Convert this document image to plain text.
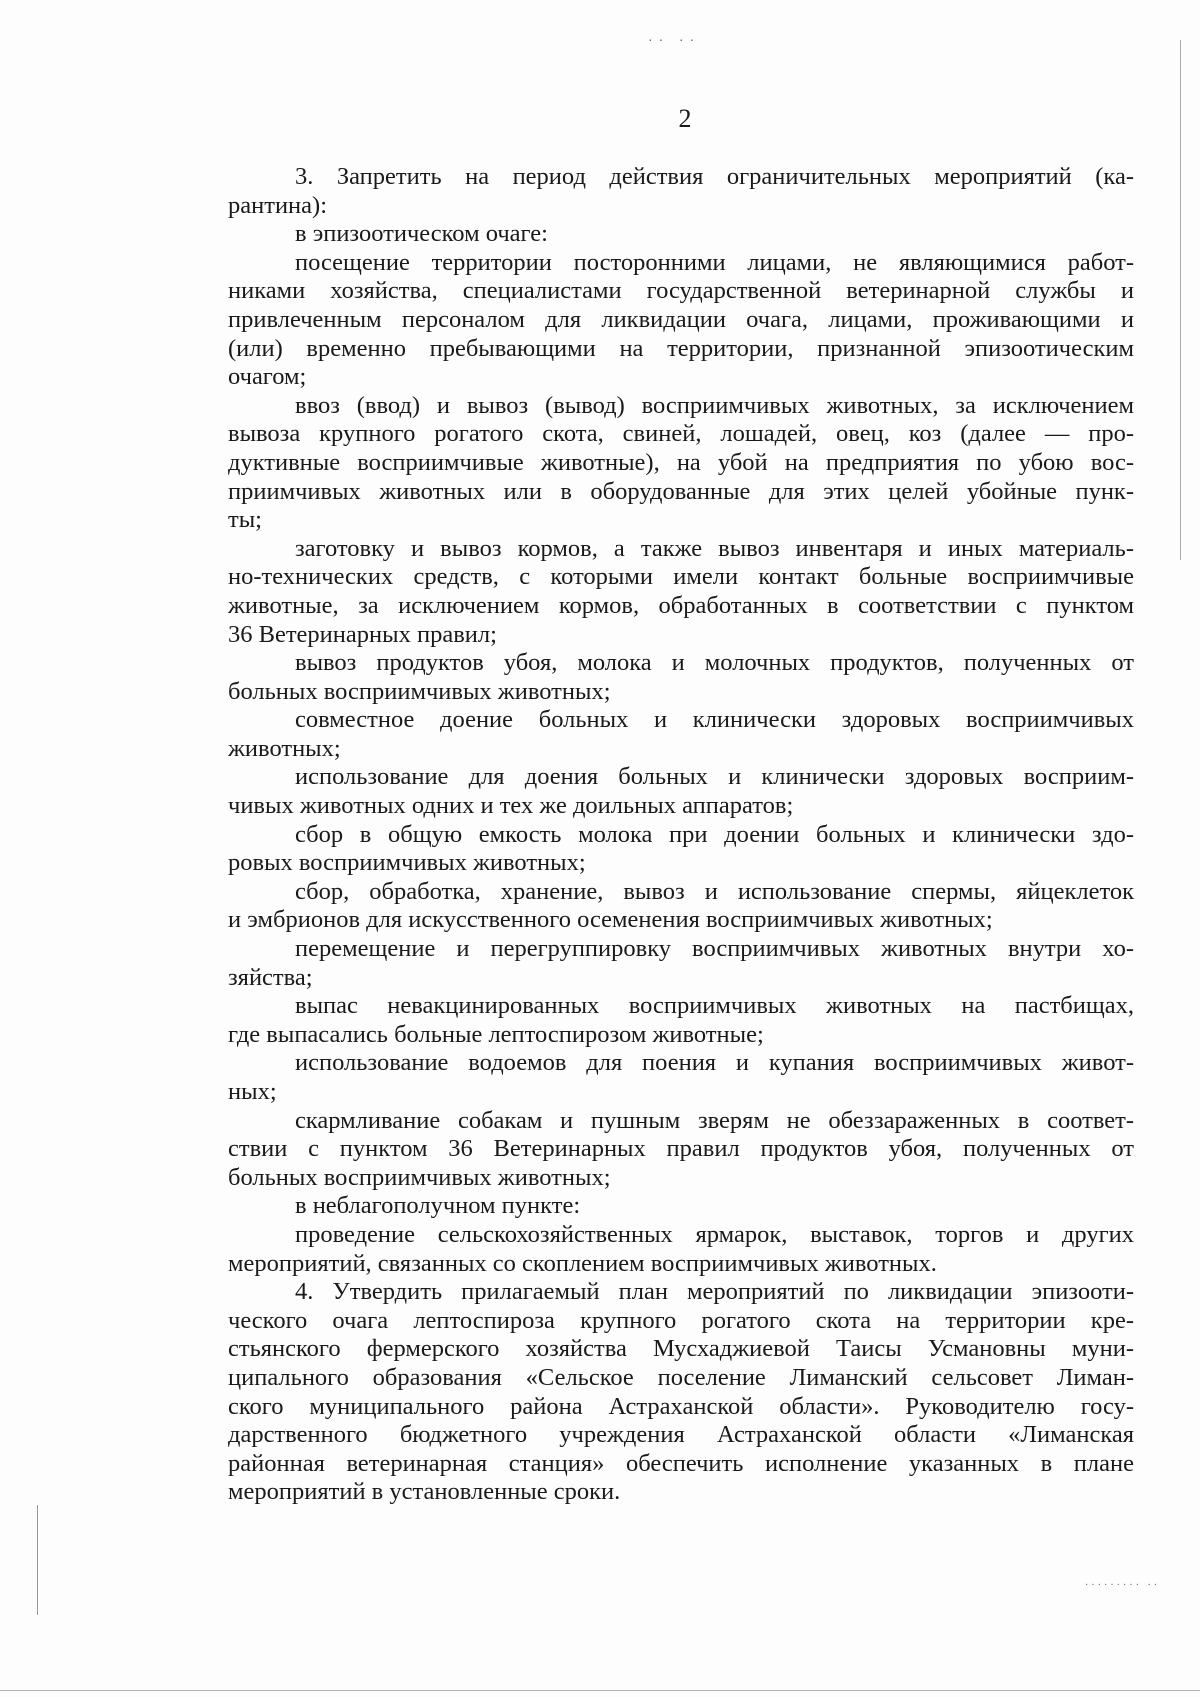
·· ··
········· ··
2
3. Запретить на период действия ограничительных мероприятий (ка-
рантина):
в эпизоотическом очаге:
посещение территории посторонними лицами, не являющимися работ-
никами хозяйства, специалистами государственной ветеринарной службы и
привлеченным персоналом для ликвидации очага, лицами, проживающими и
(или) временно пребывающими на территории, признанной эпизоотическим
очагом;
ввоз (ввод) и вывоз (вывод) восприимчивых животных, за исключением
вывоза крупного рогатого скота, свиней, лошадей, овец, коз (далее — про-
дуктивные восприимчивые животные), на убой на предприятия по убою вос-
приимчивых животных или в оборудованные для этих целей убойные пунк-
ты;
заготовку и вывоз кормов, а также вывоз инвентаря и иных материаль-
но-технических средств, с которыми имели контакт больные восприимчивые
животные, за исключением кормов, обработанных в соответствии с пунктом
36 Ветеринарных правил;
вывоз продуктов убоя, молока и молочных продуктов, полученных от
больных восприимчивых животных;
совместное доение больных и клинически здоровых восприимчивых
животных;
использование для доения больных и клинически здоровых восприим-
чивых животных одних и тех же доильных аппаратов;
сбор в общую емкость молока при доении больных и клинически здо-
ровых восприимчивых животных;
сбор, обработка, хранение, вывоз и использование спермы, яйцеклеток
и эмбрионов для искусственного осеменения восприимчивых животных;
перемещение и перегруппировку восприимчивых животных внутри хо-
зяйства;
выпас невакцинированных восприимчивых животных на пастбищах,
где выпасались больные лептоспирозом животные;
использование водоемов для поения и купания восприимчивых живот-
ных;
скармливание собакам и пушным зверям не обеззараженных в соответ-
ствии с пунктом 36 Ветеринарных правил продуктов убоя, полученных от
больных восприимчивых животных;
в неблагополучном пункте:
проведение сельскохозяйственных ярмарок, выставок, торгов и других
мероприятий, связанных со скоплением восприимчивых животных.
4. Утвердить прилагаемый план мероприятий по ликвидации эпизооти-
ческого очага лептоспироза крупного рогатого скота на территории кре-
стьянского фермерского хозяйства Мусхаджиевой Таисы Усмановны муни-
ципального образования «Сельское поселение Лиманский сельсовет Лиман-
ского муниципального района Астраханской области». Руководителю госу-
дарственного бюджетного учреждения Астраханской области «Лиманская
районная ветеринарная станция» обеспечить исполнение указанных в плане
мероприятий в установленные сроки.
